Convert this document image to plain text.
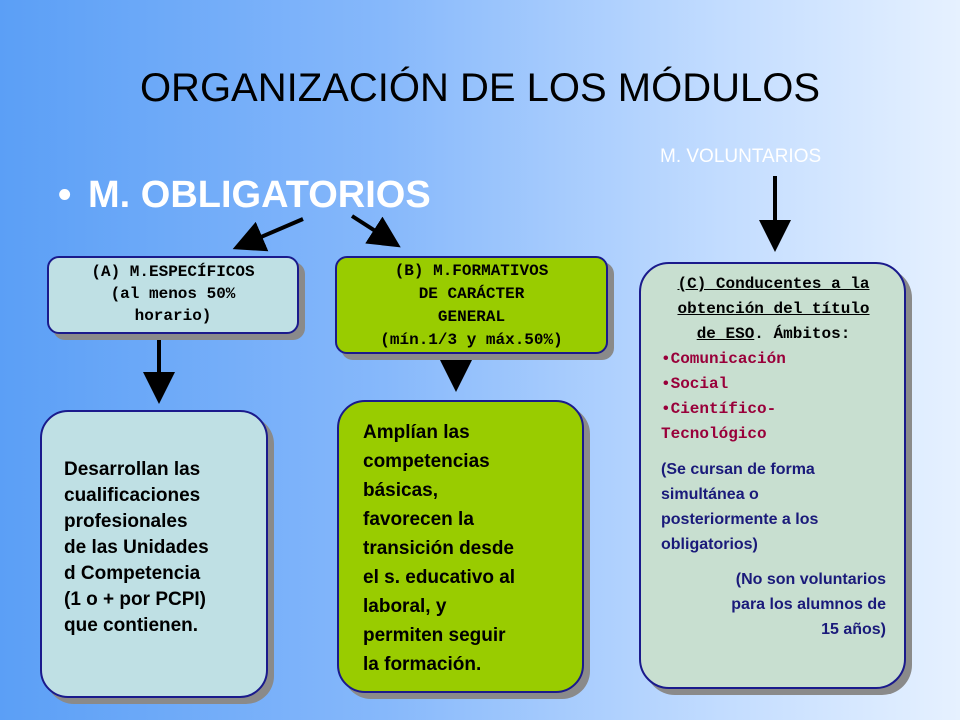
ORGANIZACIÓN DE LOS MÓDULOS
M. VOLUNTARIOS
• M. OBLIGATORIOS
(A) M.ESPECÍFICOS
(al menos 50%
horario)
(B) M.FORMATIVOS
DE CARÁCTER
GENERAL
(mín.1/3 y máx.50%)
(C) Conducentes a la
obtención del título
de ESO. Ámbitos:
•Comunicación
•Social
•Científico-
Tecnológico
(Se cursan de forma
simultánea o
posteriormente a los
obligatorios)
(No son voluntarios
para los alumnos de
15 años)
Desarrollan las
cualificaciones
profesionales
de las Unidades
d Competencia
(1 o + por PCPI)
que contienen.
Amplían las
competencias
básicas,
favorecen la
transición desde
el s. educativo al
laboral, y
permiten seguir
la formación.
